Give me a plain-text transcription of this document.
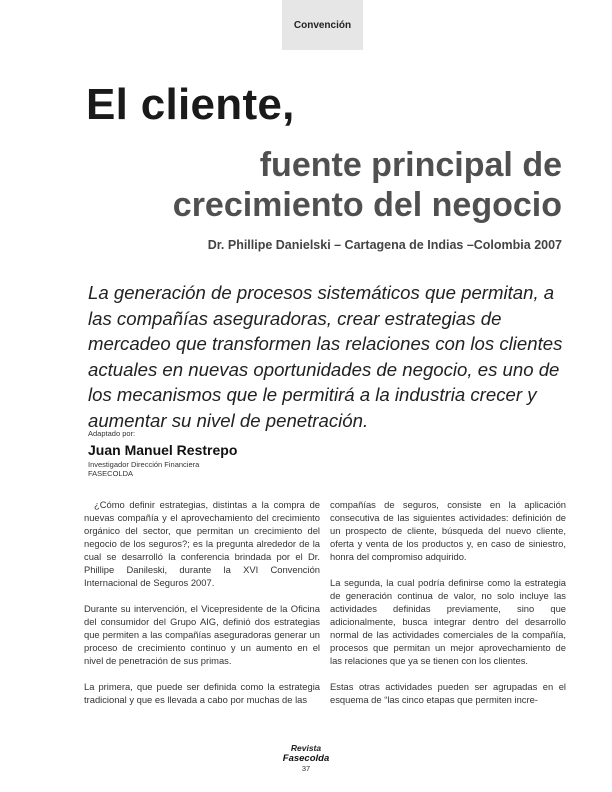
Convención
El cliente,
fuente principal de
crecimiento del negocio
Dr. Phillipe Danielski – Cartagena de Indias –Colombia 2007

La generación de procesos sistemáticos que permitan, a las compañías aseguradoras, crear estrategias de mercadeo que transformen las relaciones con los clientes actuales en nuevas oportunidades de negocio, es uno de los mecanismos que le permitirá a la industria crecer y aumentar su nivel de penetración.

Adaptado por:
Juan Manuel Restrepo
Investigador Dirección Financiera
FASECOLDA

¿Cómo definir estrategias, distintas a la compra de nuevas compañía y el aprovechamiento del crecimiento orgánico del sector, que permitan un crecimiento del negocio de los seguros?; es la pregunta alrededor de la cual se desarrolló la conferencia brindada por el Dr. Phillipe Danileski, durante la XVI Convención Internacional de Seguros 2007.

Durante su intervención, el Vicepresidente de la Oficina del consumidor del Grupo AIG, definió dos estrategias que permiten a las compañías aseguradoras generar un proceso de crecimiento continuo y un aumento en el nivel de penetración de sus primas.

La primera, que puede ser definida como la estrategia tradicional y que es llevada a cabo por muchas de las

compañías de seguros, consiste en la aplicación consecutiva de las siguientes actividades: definición de un prospecto de cliente, búsqueda del nuevo cliente, oferta y venta de los productos y, en caso de siniestro, honra del compromiso adquirido.

La segunda, la cual podría definirse como la estrategia de generación continua de valor, no solo incluye las actividades definidas previamente, sino que adicionalmente, busca integrar dentro del desarrollo normal de las actividades comerciales de la compañía, procesos que permitan un mejor aprovechamiento de las relaciones que ya se tienen con los clientes.

Estas otras actividades pueden ser agrupadas en el esquema de “las cinco etapas que permiten incre-

Revista
Fasecolda
37
